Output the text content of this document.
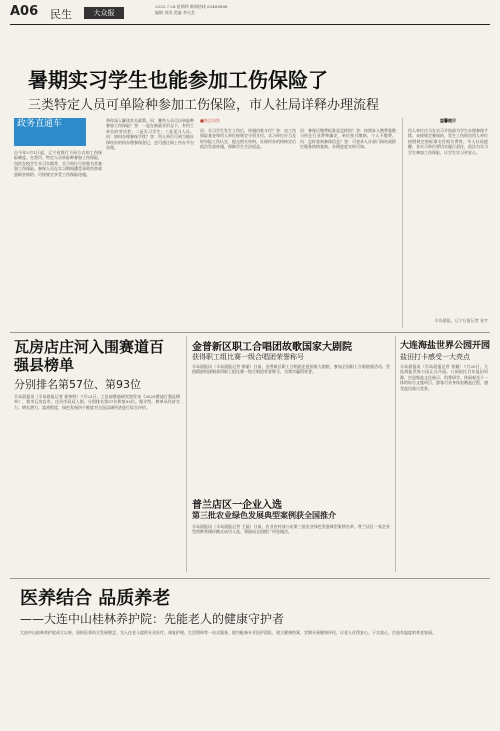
A06 民生	大众报
2025.7.24 星期四 新闻热线 82488888
编辑 刘涛 美编 李凡美
暑期实习学生也能参加工伤保险了
三类特定人员可单险种参加工伤保险，市人社局详释办理流程
政务直通车
自今年5月1日起，辽宁省推行不同方式的工伤保险制度。在我市，特定人员单险种参加工伤保险，包括在校学生实习实践等，实习单位可单独为其参加工伤保险。参保人员在实习期间遭受事故伤害或患职业病的，可按规定享受工伤保险待遇。
带你深入解读有关政策。问：哪些人员可以单险种参加工伤保险？答：一是在新就业形态下，有用工单位的劳动者；二是实习学生；三是见习人员。问：如何办理参保手续？答：用人单位可到当地社保经办机构办理参保登记，也可通过网上经办平台办理。
■热点问答
问：实习学生发生工伤后，待遇由谁支付？答：由工伤保险基金和用人单位按规定分别支付。实习单位应当及时申报工伤认定，提交相关材料，社保经办机构核定后依法发放待遇，保障学生合法权益。
问：参保后缴费标准是怎样的？答：按照本人缴费基数与所在行业费率确定，单位按月缴纳，个人不缴费。问：怎样查询参保信息？答：可登录人社部门网站或拨打服务热线查询，办理进度实时可知。
温馨提示
用人单位应当在实习开始前为学生办理参保手续，未按规定参保的，发生工伤时由用人单位按照规定的标准支付相关费用。市人社局提醒，各实习单位要切实履行责任，依法为实习学生参加工伤保险，让学生实习更安心。
半岛晨报、辽宁日报记者 张宇
瓦房店庄河入围赛道百强县榜单
分别排名第57位、第93位
半岛晨报讯（半岛晨报记者 郭伟明）7月23日，工信部赛迪研究院发布《2025赛迪百强县榜单》，我市瓦房店市、庄河市双双入围，分别排名第57位和第93位。据介绍，榜单从经济实力、增长潜力、富裕程度、绿色发展四个维度对全国县域经济进行综合评价。
金普新区职工合唱团故歌国家大剧院
获得职工组比赛一级合唱团荣誉称号
半岛晨报讯（半岛晨报记者 徐丽）日前，金普新区职工合唱团走进国家大剧院，参加全国职工合唱展演活动，凭借精湛的演唱获得职工组比赛一级合唱团荣誉称号，为我市赢得荣誉。
普兰店区一企业入选
第三批农业绿色发展典型案例获全国推介
半岛晨报讯（半岛晨报记者 王磊）日前，农业农村部公布第三批农业绿色发展典型案例名单，普兰店区一家企业凭借种养循环模式成功入选，将面向全国推广经验做法。
大连海盐世界公园开园
盐田打卡感受一大亮点
半岛晨报讯（半岛晨报记者 张颖）7月20日，大连海盐世界公园正式开园。公园依托百年盐田资源，打造集盐文化展示、科普研学、休闲观光于一体的综合文旅项目，游客可亲身体验晒盐过程，感受盐田落日美景。
医养结合 品质养老
——大连中山桂林养护院：先能老人的健康守护者
大连中山桂林养护院成立以来，坚持医养结合发展理念，为入住老人提供专业医疗、康复护理、生活照料等一站式服务。院内配备专业医护团队，建立健康档案，定期开展健康评估，让老人住得安心、子女放心，打造有温度的养老家园。
